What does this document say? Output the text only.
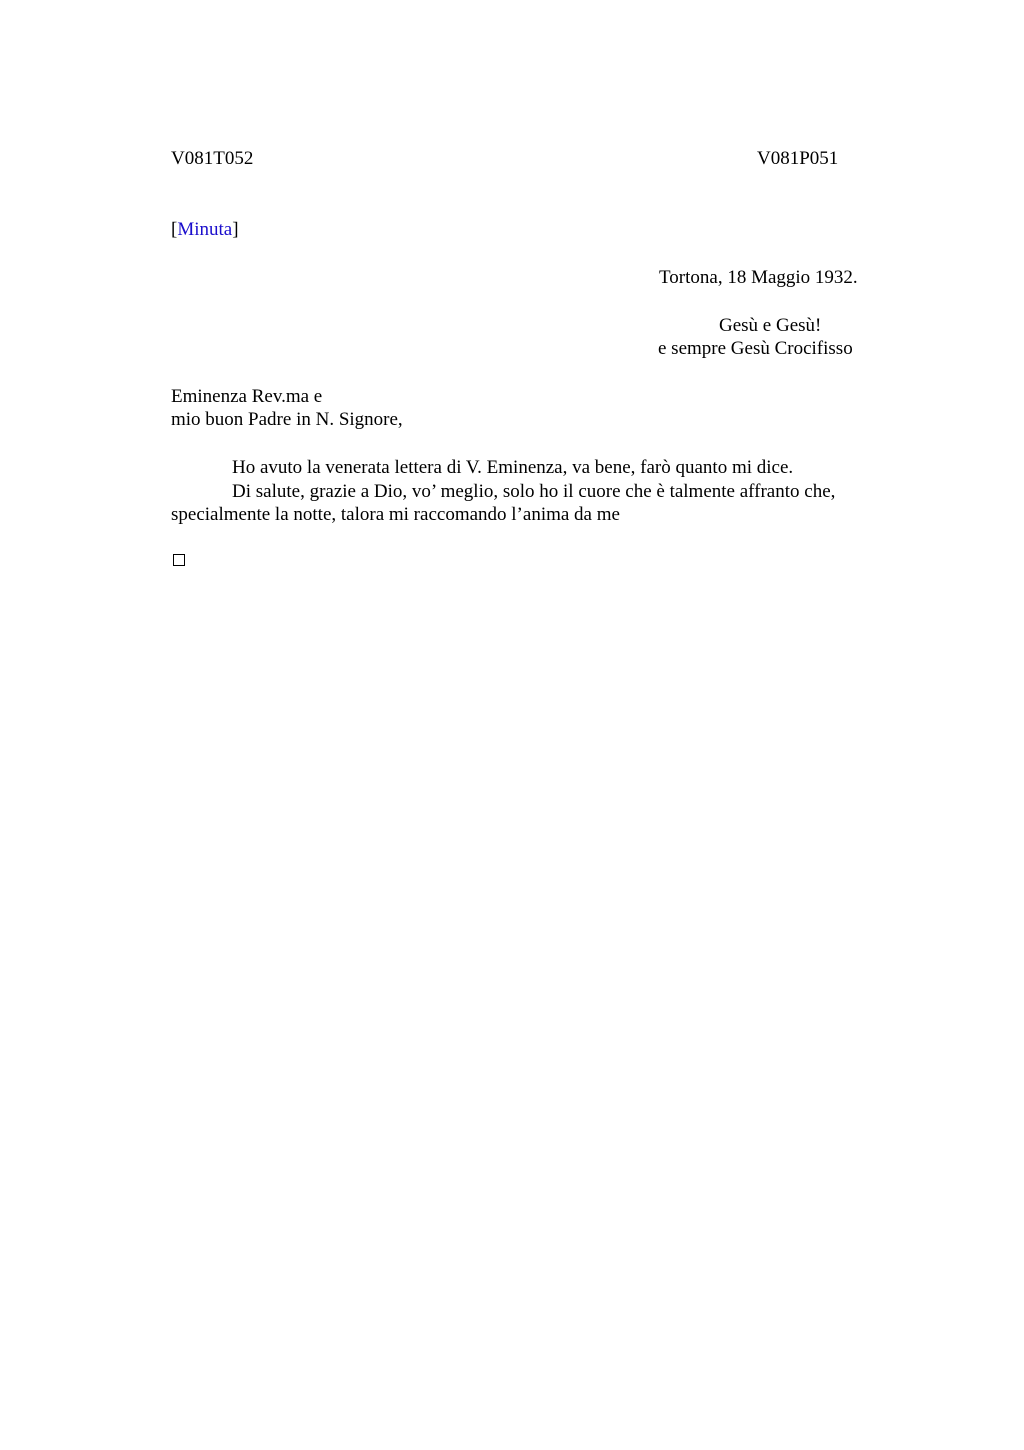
V081T052	V081P051

[Minuta]

Tortona, 18 Maggio 1932.

Gesù e Gesù!

e sempre Gesù Crocifisso

Eminenza Rev.ma e

mio buon Padre in N. Signore,

Ho avuto la venerata lettera di V. Eminenza, va bene, farò quanto mi dice.

Di salute, grazie a Dio, vo’ meglio, solo ho il cuore che è talmente affranto che,

specialmente la notte, talora mi raccomando l’anima da me
